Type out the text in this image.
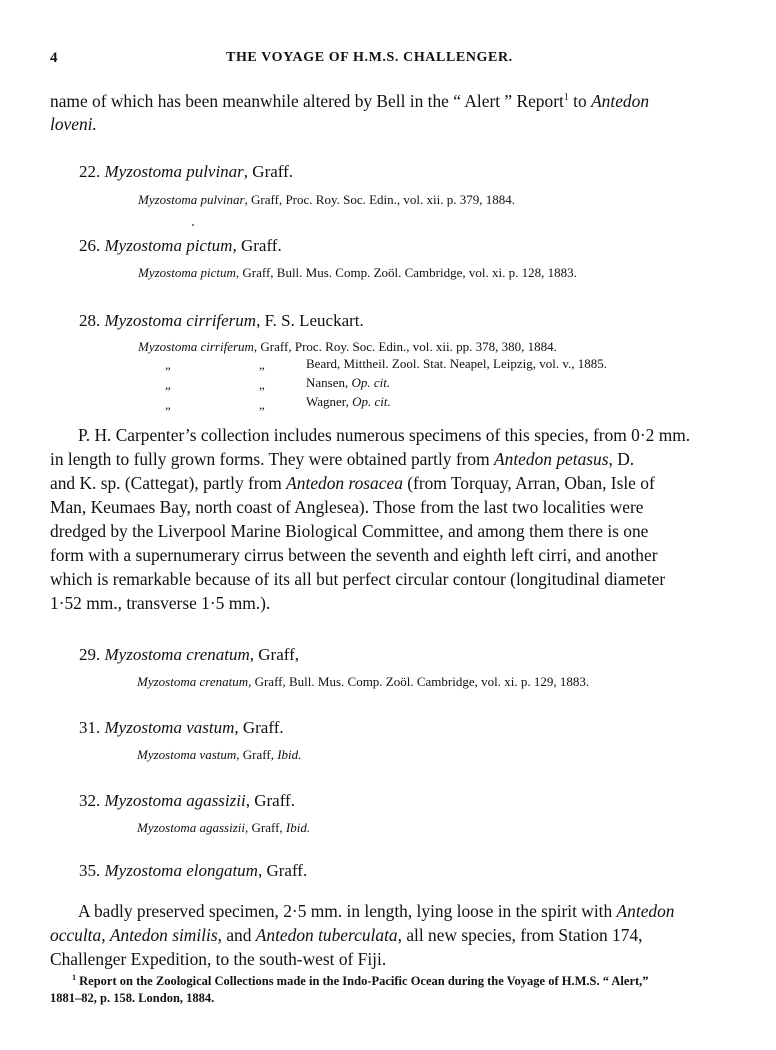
4	THE VOYAGE OF H.M.S. CHALLENGER.
name of which has been meanwhile altered by Bell in the “ Alert ” Report$^1$ to Antedon
loveni.
22. Myzostoma pulvinar, Graff.
Myzostoma pulvinar, Graff, Proc. Roy. Soc. Edin., vol. xii. p. 379, 1884.
26. Myzostoma pictum, Graff.
Myzostoma pictum, Graff, Bull. Mus. Comp. Zoöl. Cambridge, vol. xi. p. 128, 1883.
28. Myzostoma cirriferum, F. S. Leuckart.
Myzostoma cirriferum, Graff, Proc. Roy. Soc. Edin., vol. xii. pp. 378, 380, 1884.
„	„	Beard, Mittheil. Zool. Stat. Neapel, Leipzig, vol. v., 1885.
„	„	Nansen, Op. cit.
„	„	Wagner, Op. cit.
P. H. Carpenter’s collection includes numerous specimens of this species, from 0·2 mm.
in length to fully grown forms. They were obtained partly from Antedon petasus, D.
and K. sp. (Cattegat), partly from Antedon rosacea (from Torquay, Arran, Oban, Isle of
Man, Keumaes Bay, north coast of Anglesea). Those from the last two localities were
dredged by the Liverpool Marine Biological Committee, and among them there is one
form with a supernumerary cirrus between the seventh and eighth left cirri, and another
which is remarkable because of its all but perfect circular contour (longitudinal diameter
1·52 mm., transverse 1·5 mm.).
29. Myzostoma crenatum, Graff,
Myzostoma crenatum, Graff, Bull. Mus. Comp. Zoöl. Cambridge, vol. xi. p. 129, 1883.
31. Myzostoma vastum, Graff.
Myzostoma vastum, Graff, Ibid.
32. Myzostoma agassizii, Graff.
Myzostoma agassizii, Graff, Ibid.
35. Myzostoma elongatum, Graff.
A badly preserved specimen, 2·5 mm. in length, lying loose in the spirit with Antedon
occulta, Antedon similis, and Antedon tuberculata, all new species, from Station 174,
Challenger Expedition, to the south-west of Fiji.
$^1$ Report on the Zoological Collections made in the Indo-Pacific Ocean during the Voyage of H.M.S. “ Alert,”
1881–82, p. 158. London, 1884.
